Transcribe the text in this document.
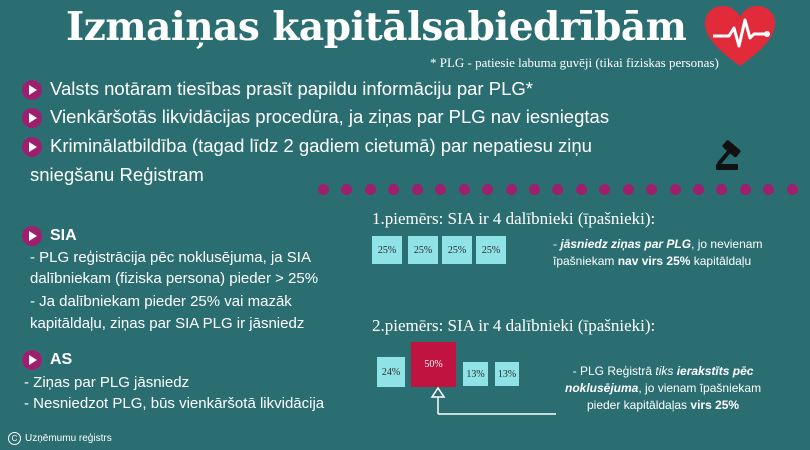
Izmaiņas kapitālsabiedrībām
* PLG - patiesie labuma guvēji (tikai fiziskas personas)
Valsts notāram tiesības prasīt papildu informāciju par PLG*
Vienkāršotās likvidācijas procedūra, ja ziņas par PLG nav iesniegtas
Kriminālatbildība (tagad līdz 2 gadiem cietumā) par nepatiesu ziņu
sniegšanu Reģistram
SIA
- PLG reģistrācija pēc noklusējuma, ja SIA
dalībniekam (fiziska persona) pieder > 25%
- Ja dalībniekam pieder 25% vai mazāk
kapitāldaļu, ziņas par SIA PLG ir jāsniedz
AS
- Ziņas par PLG jāsniedz
- Nesniedzot PLG, būs vienkāršotā likvidācija
1.piemērs: SIA ir 4 dalībnieki (īpašnieki):
25%	25%	25%	25%	- jāsniedz ziņas par PLG, jo nevienam
īpašniekam nav virs 25% kapitāldaļu
2.piemērs: SIA ir 4 dalībnieki (īpašnieki):
24%
50%
13%	13%	- PLG Reģistrā tiks ierakstīts pēc
noklusējuma, jo vienam īpašniekam
pieder kapitāldaļas virs 25%
C Uzņēmumu reģistrs
